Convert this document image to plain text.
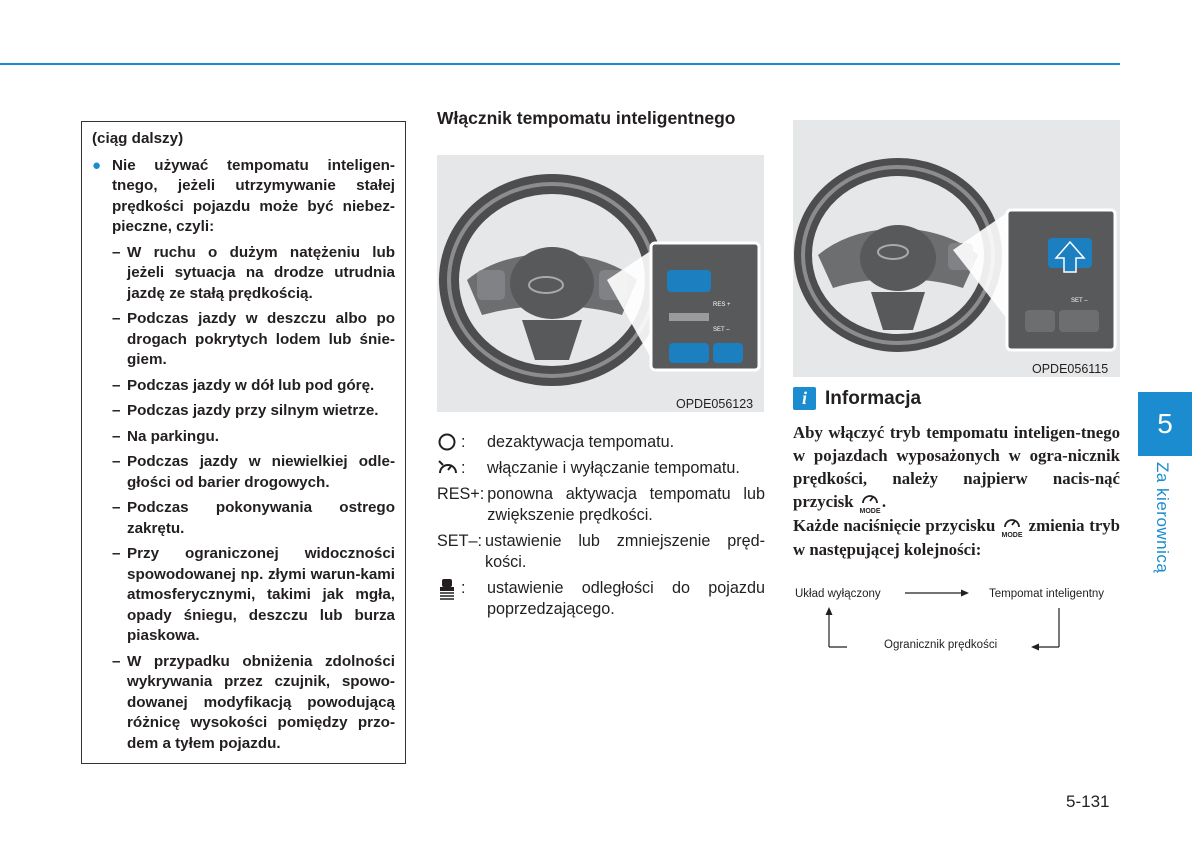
(ciąg dalszy)
● Nie używać tempomatu inteligen-tnego, jeżeli utrzymywanie stałej prędkości pojazdu może być niebez-pieczne, czyli:
– W ruchu o dużym natężeniu lub jeżeli sytuacja na drodze utrudnia jazdę ze stałą prędkością.
– Podczas jazdy w deszczu albo po drogach pokrytych lodem lub śnie-giem.
– Podczas jazdy w dół lub pod górę.
– Podczas jazdy przy silnym wietrze.
– Na parkingu.
– Podczas jazdy w niewielkiej odle-głości od barier drogowych.
– Podczas pokonywania ostrego zakrętu.
– Przy ograniczonej widoczności spowodowanej np. złymi warun-kami atmosferycznymi, takimi jak mgła, opady śniegu, deszczu lub burza piaskowa.
– W przypadku obniżenia zdolności wykrywania przez czujnik, spowo-dowanej modyfikacją powodującą różnicę wysokości pomiędzy przo-dem a tyłem pojazdu.
Włącznik tempomatu inteligentnego
RES +
SET –
OPDE056123
: dezaktywacja tempomatu.
: włączanie i wyłączanie tempomatu.
RES+: ponowna aktywacja tempomatu lub zwiększenie prędkości.
SET–: ustawienie lub zmniejszenie pręd-kości.
: ustawienie odległości do pojazdu poprzedzającego.
SET –
OPDE056115
i Informacja
Aby włączyć tryb tempomatu inteligen-tnego w pojazdach wyposażonych w ogra-nicznik prędkości, należy najpierw nacis-nąć przycisk
MODE
.
Każde naciśnięcie przycisku
MODE
zmienia tryb w następującej kolejności:
Układ wyłączony	Tempomat inteligentny
Ogranicznik prędkości
5
Za kierownicą
5-131
